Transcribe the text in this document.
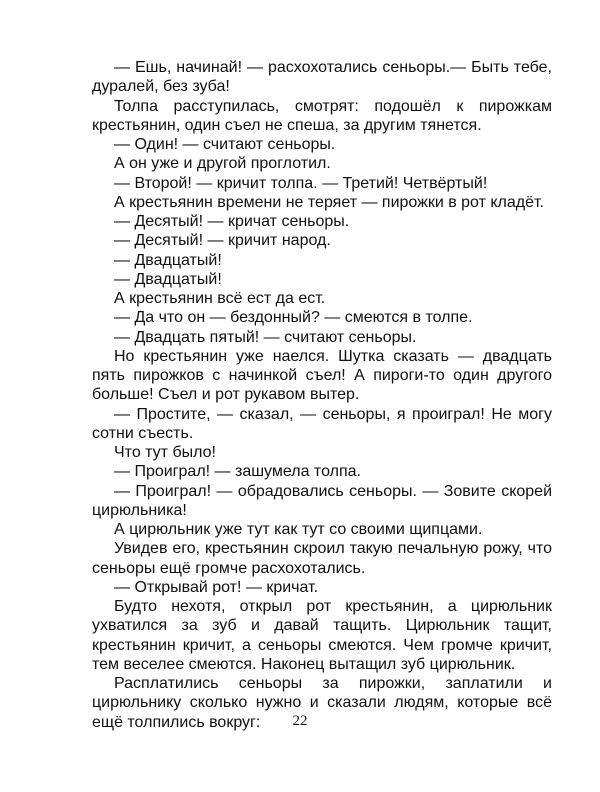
— Ешь, начинай! — расхохотались сеньоры.— Быть тебе, дуралей, без зуба!

Толпа расступилась, смотрят: подошёл к пирожкам крестьянин, один съел не спеша, за другим тянется.

— Один! — считают сеньоры.

А он уже и другой проглотил.

— Второй! — кричит толпа. — Третий! Четвёртый!

А крестьянин времени не теряет — пирожки в рот кладёт.

— Десятый! — кричат сеньоры.

— Десятый! — кричит народ.

— Двадцатый!

— Двадцатый!

А крестьянин всё ест да ест.

— Да что он — бездонный? — смеются в толпе.

— Двадцать пятый! — считают сеньоры.

Но крестьянин уже наелся. Шутка сказать — двадцать пять пирожков с начинкой съел! А пироги-то один другого больше! Съел и рот рукавом вытер.

— Простите, — сказал, — сеньоры, я проиграл! Не могу сотни съесть.

Что тут было!

— Проиграл! — зашумела толпа.

— Проиграл! — обрадовались сеньоры. — Зовите скорей цирюльника!

А цирюльник уже тут как тут со своими щипцами.

Увидев его, крестьянин скроил такую печальную рожу, что сеньоры ещё громче расхохотались.

— Открывай рот! — кричат.

Будто нехотя, открыл рот крестьянин, а цирюльник ухватился за зуб и давай тащить. Цирюльник тащит, крестьянин кричит, а сеньоры смеются. Чем громче кричит, тем веселее смеются. Наконец вытащил зуб цирюльник.

Расплатились сеньоры за пирожки, заплатили и цирюльнику сколько нужно и сказали людям, которые всё ещё толпились вокруг:	22
